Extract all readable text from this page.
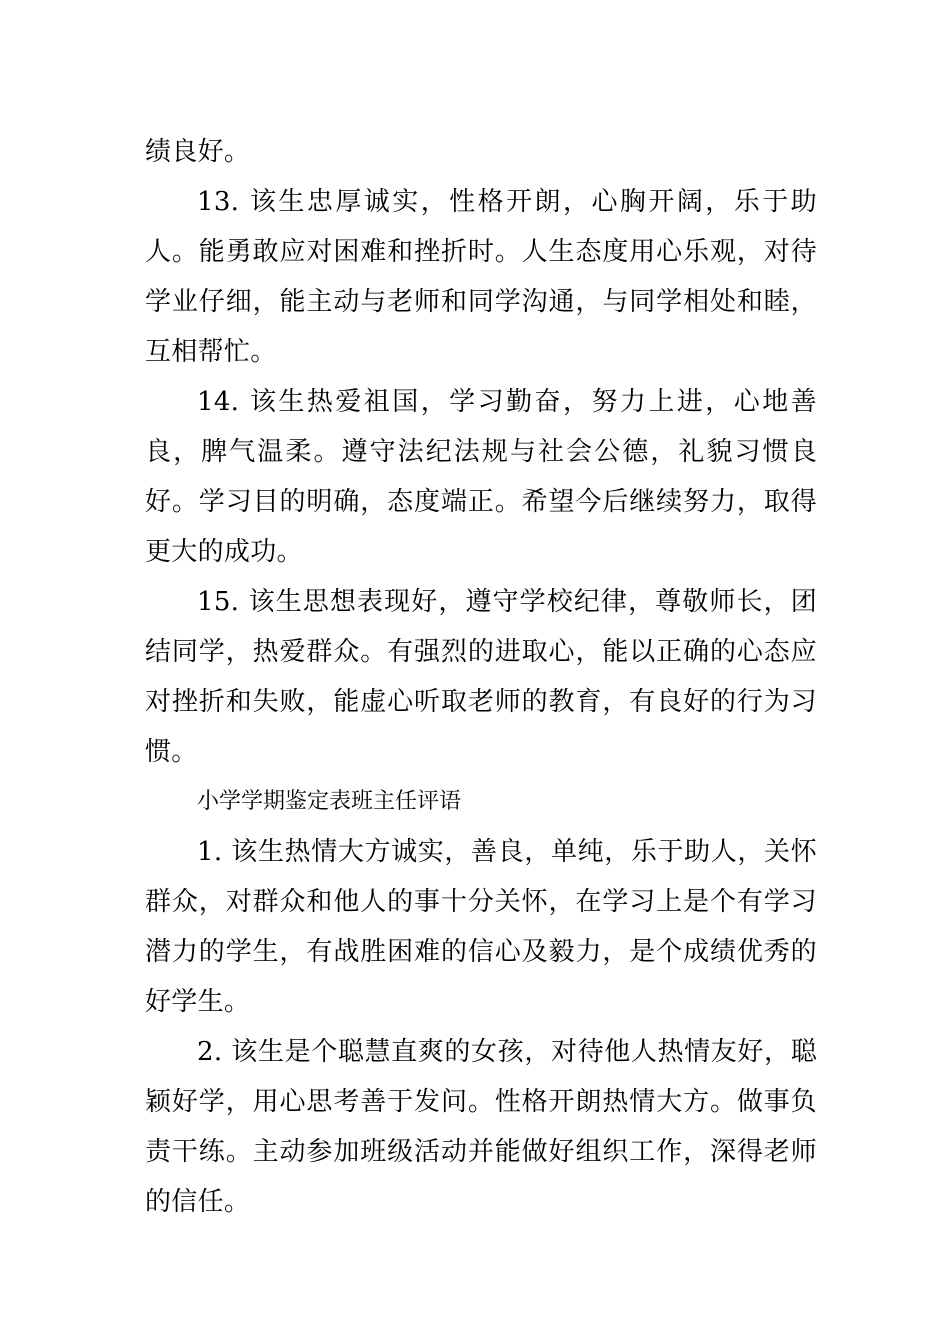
绩良好。

13. 该生忠厚诚实，性格开朗，心胸开阔，乐于助人。能勇敢应对困难和挫折时。人生态度用心乐观，对待学业仔细，能主动与老师和同学沟通，与同学相处和睦，互相帮忙。

14. 该生热爱祖国，学习勤奋，努力上进，心地善良，脾气温柔。遵守法纪法规与社会公德，礼貌习惯良好。学习目的明确，态度端正。希望今后继续努力，取得更大的成功。

15. 该生思想表现好，遵守学校纪律，尊敬师长，团结同学，热爱群众。有强烈的进取心，能以正确的心态应对挫折和失败，能虚心听取老师的教育，有良好的行为习惯。

小学学期鉴定表班主任评语

1. 该生热情大方诚实，善良，单纯，乐于助人，关怀群众，对群众和他人的事十分关怀，在学习上是个有学习潜力的学生，有战胜困难的信心及毅力，是个成绩优秀的好学生。

2. 该生是个聪慧直爽的女孩，对待他人热情友好，聪颖好学，用心思考善于发问。性格开朗热情大方。做事负责干练。主动参加班级活动并能做好组织工作，深得老师的信任。
